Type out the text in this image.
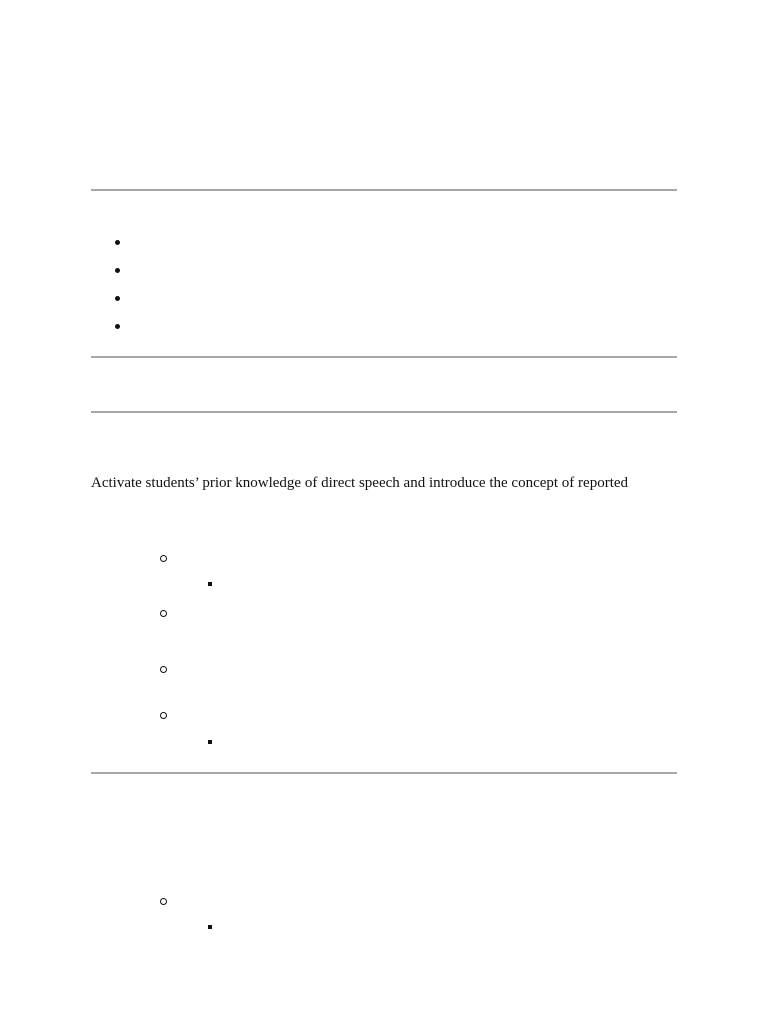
Activate students’ prior knowledge of direct speech and introduce the concept of reported
